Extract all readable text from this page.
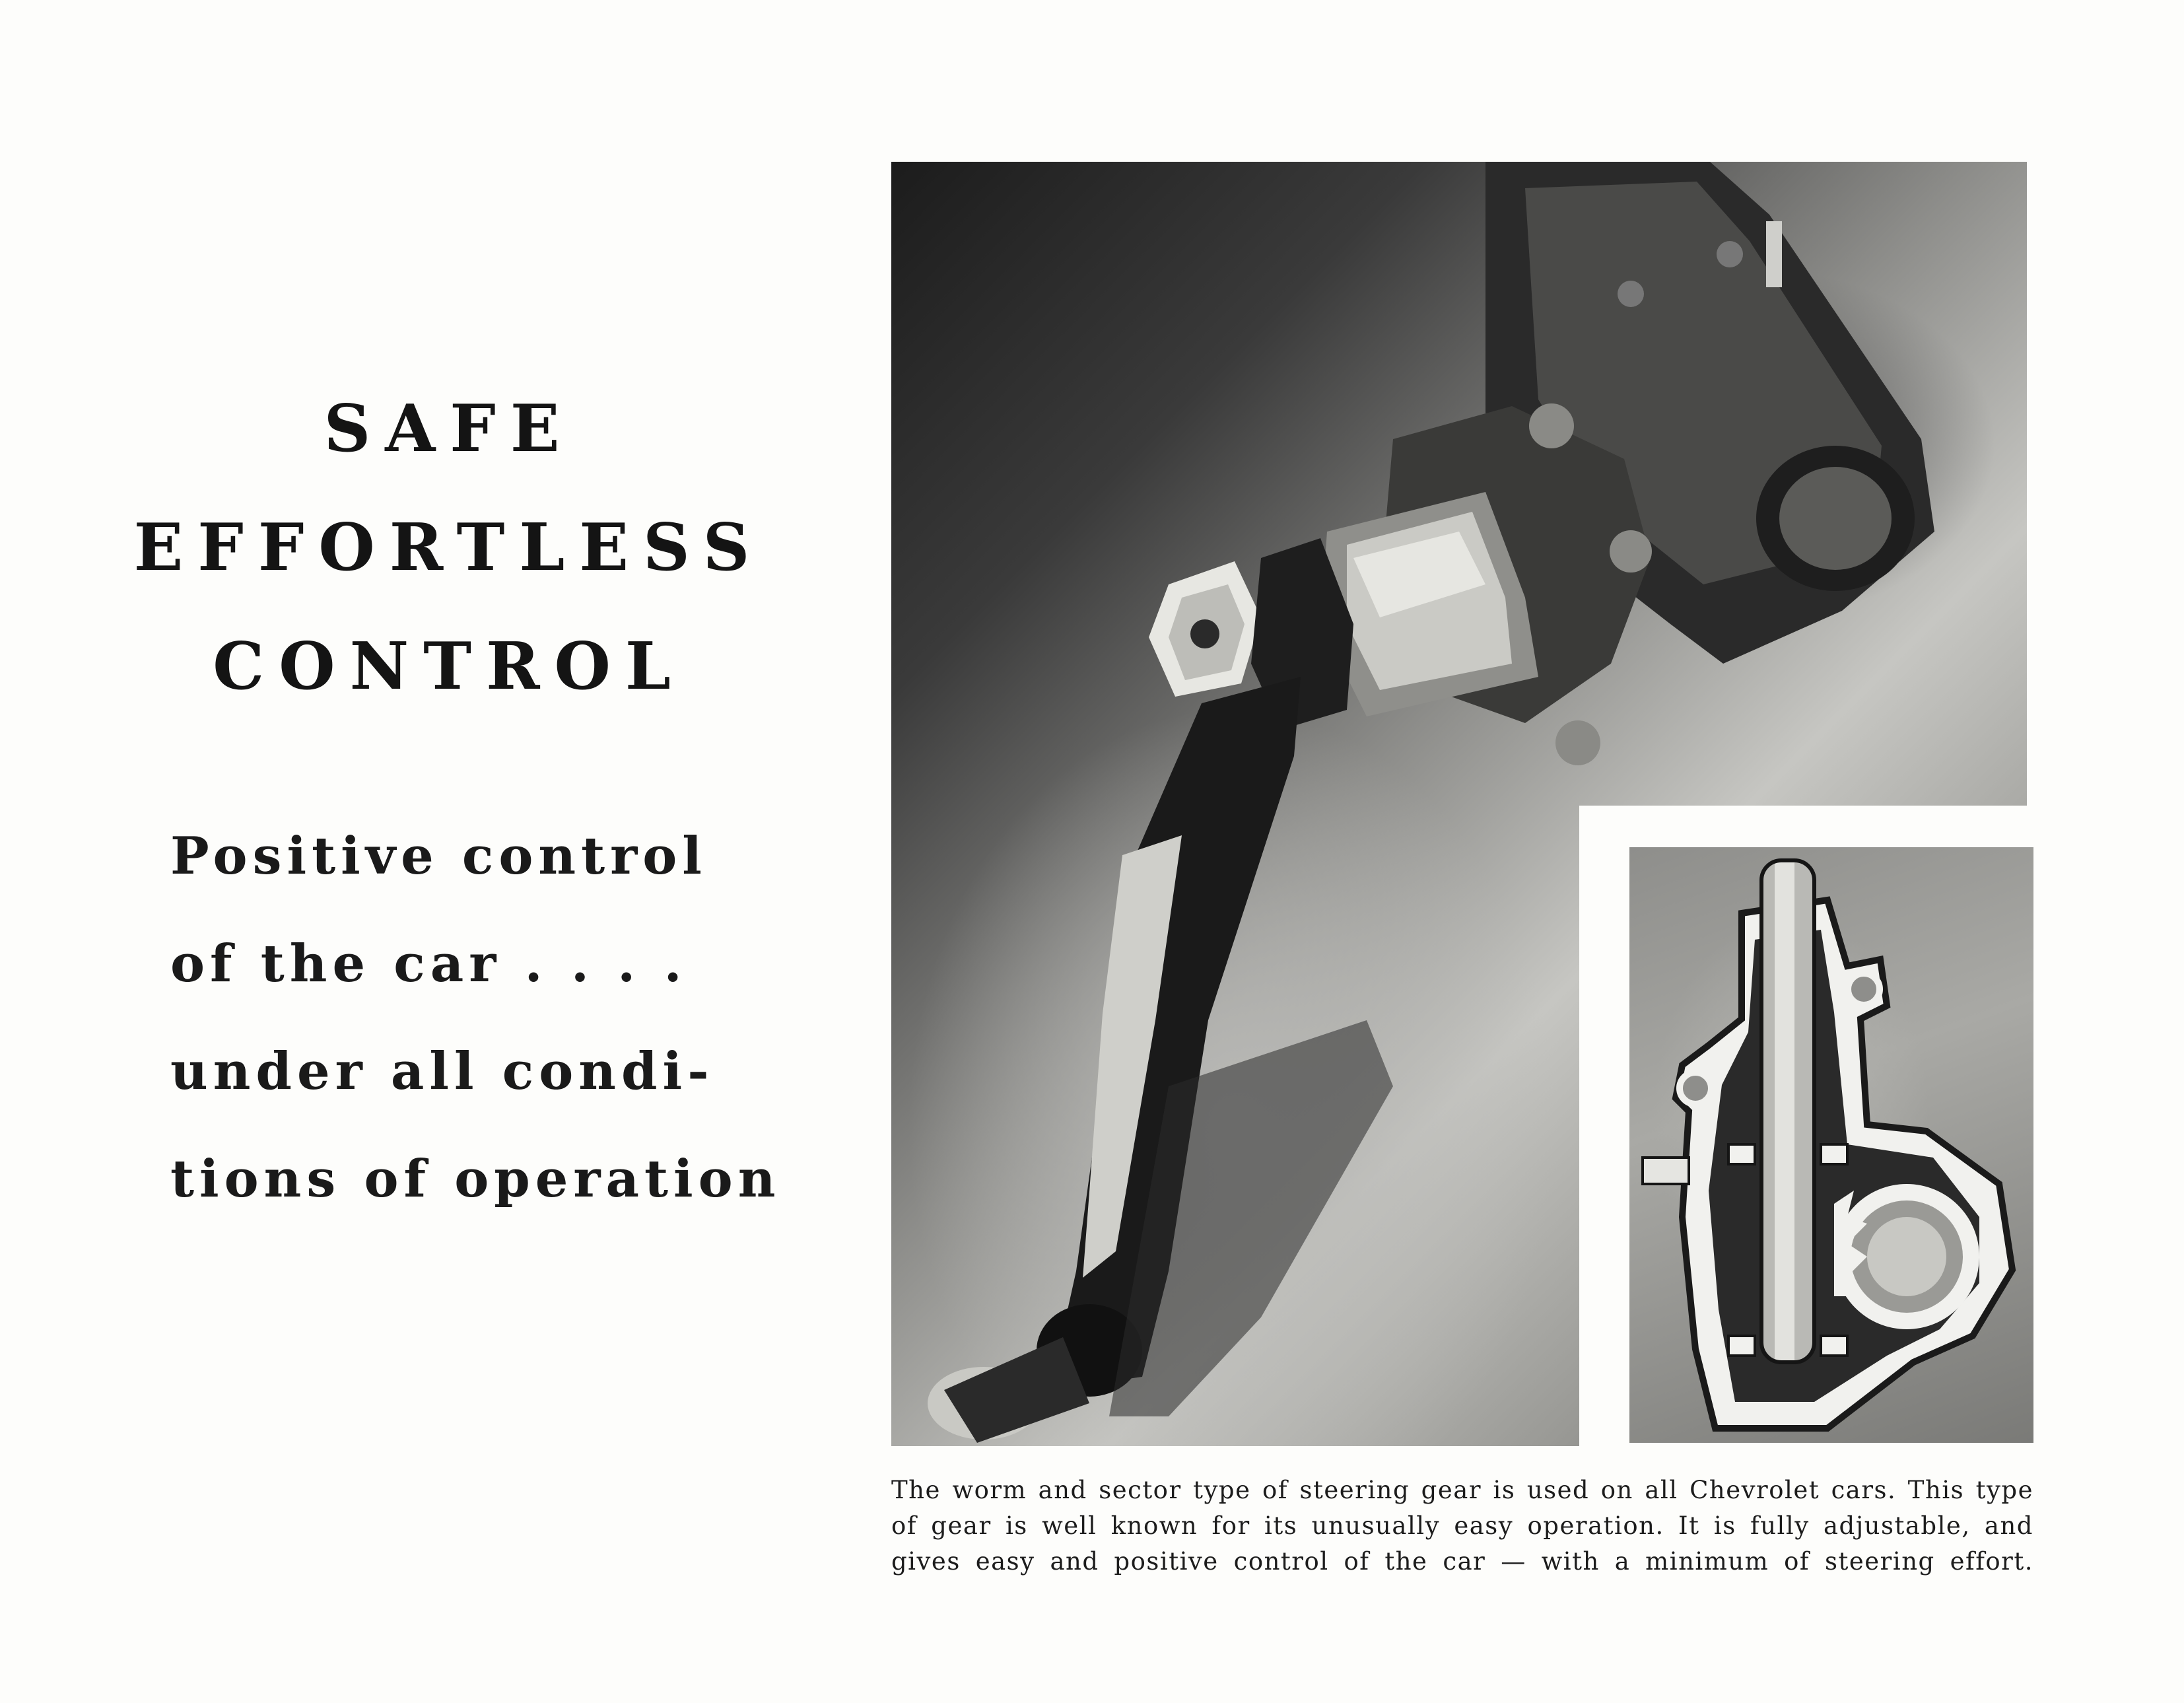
SAFE
EFFORTLESS
CONTROL
Positive control
of the car . . . .
under all condi-
tions of operation
The worm and sector type of steering gear is used on all Chevrolet cars. This type
of gear is well known for its unusually easy operation. It is fully adjustable, and
gives easy and positive control of the car — with a minimum of steering effort.
